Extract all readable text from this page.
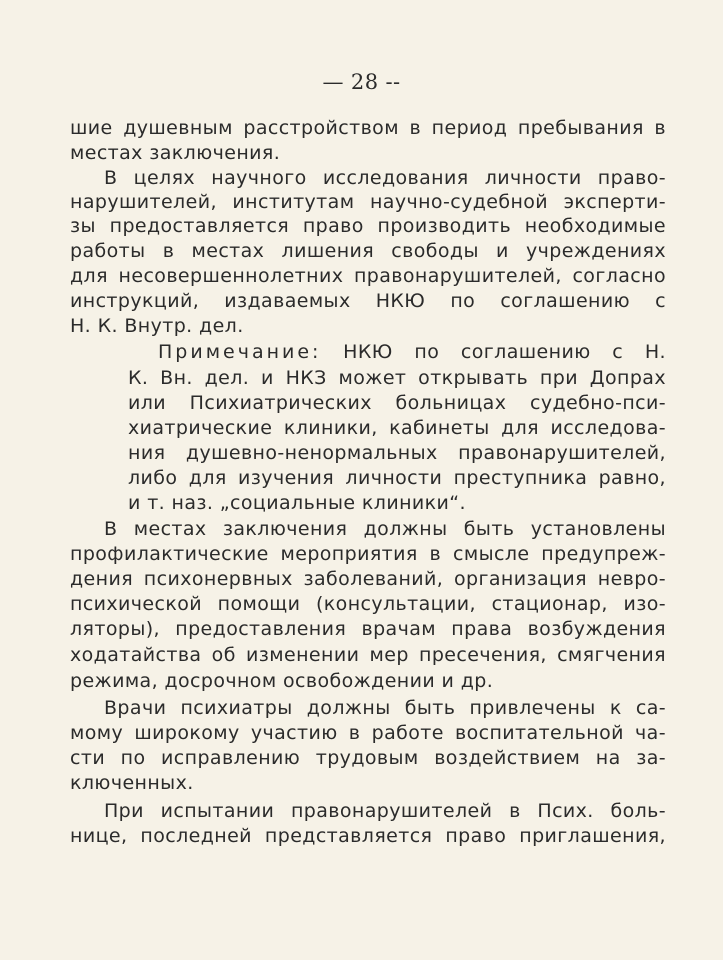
— 28 --
шие душевным расстройством в период пребывания в
местах заключения.
В целях научного исследования личности право-
нарушителей, институтам научно-судебной эксперти-
зы предоставляется право производить необходимые
работы в местах лишения свободы и учреждениях
для несовершеннолетних правонарушителей, согласно
инструкций, издаваемых НКЮ по соглашению с
Н. К. Внутр. дел.
Примечание: НКЮ по соглашению с Н.
К. Вн. дел. и НКЗ может открывать при Допрах
или Психиатрических больницах судебно-пси-
хиатрические клиники, кабинеты для исследова-
ния душевно-ненормальных правонарушителей,
либо для изучения личности преступника равно,
и т. наз. „социальные клиники“.
В местах заключения должны быть установлены
профилактические мероприятия в смысле предупреж-
дения психонервных заболеваний, организация невро-
психической помощи (консультации, стационар, изо-
ляторы), предоставления врачам права возбуждения
ходатайства об изменении мер пресечения, смягчения
режима, досрочном освобождении и др.
Врачи психиатры должны быть привлечены к са-
мому широкому участию в работе воспитательной ча-
сти по исправлению трудовым воздействием на за-
ключенных.
При испытании правонарушителей в Псих. боль-
нице, последней представляется право приглашения,
